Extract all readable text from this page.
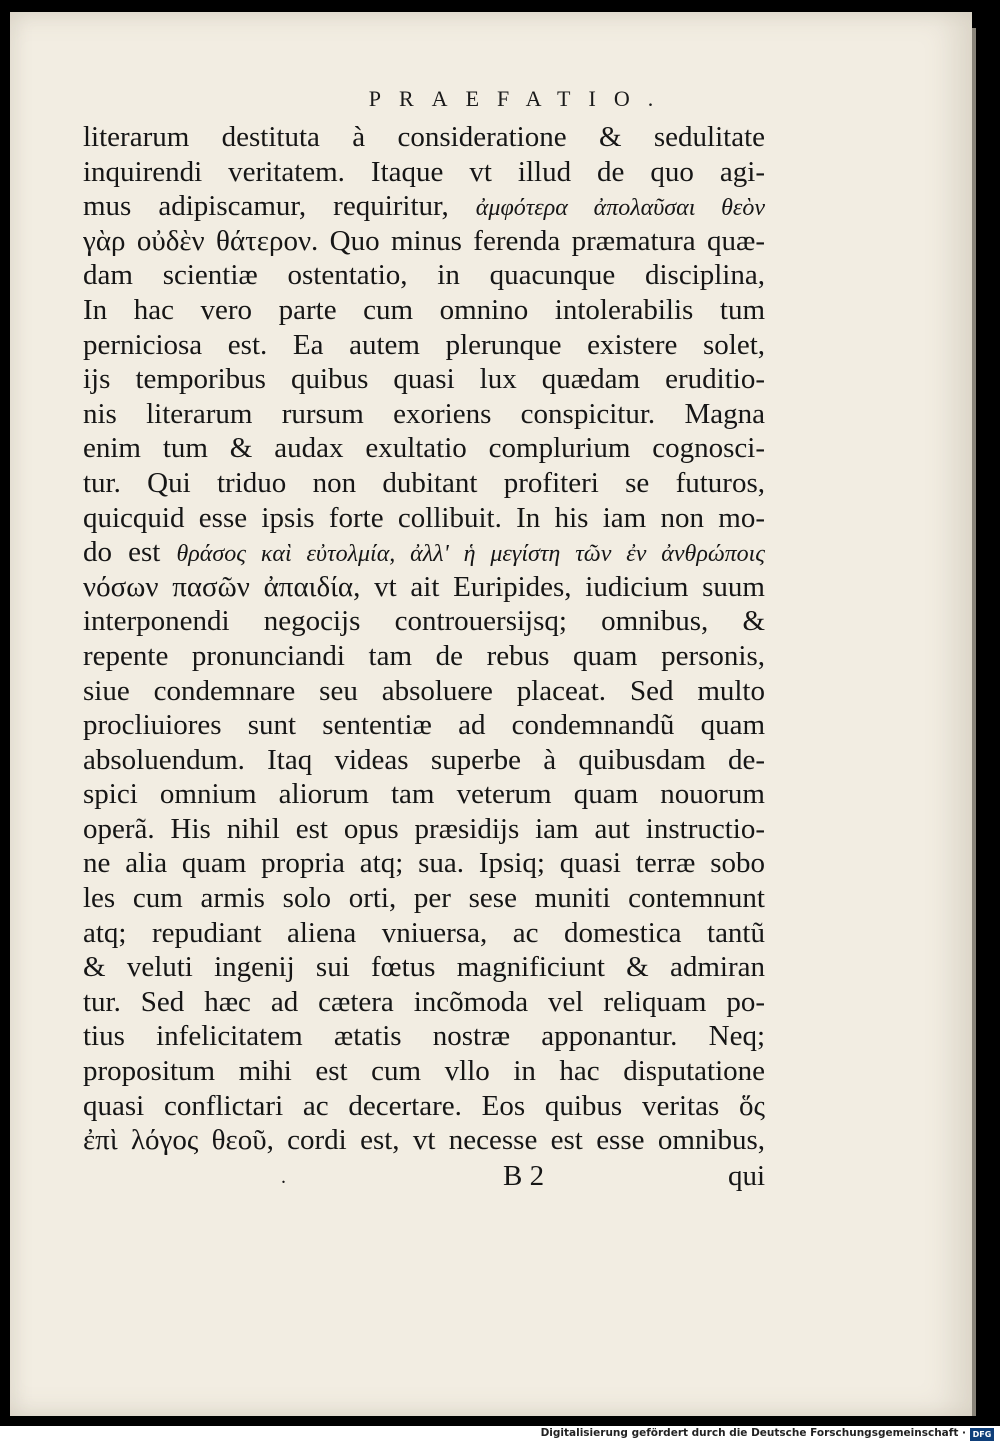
PRAEFATIO.
literarum destituta à consideratione & sedulitate
inquirendi veritatem. Itaque vt illud de quo agi-
mus adipiscamur, requiritur, ἀμφότερα ἀπολαῦσαι θεὸν
γὰρ οὐδὲν θάτερον. Quo minus ferenda præmatura quæ-
dam scientiæ ostentatio, in quacunque disciplina,
In hac vero parte cum omnino intolerabilis tum
perniciosa est. Ea autem plerunque existere solet,
ijs temporibus quibus quasi lux quædam eruditio-
nis literarum rursum exoriens conspicitur. Magna
enim tum & audax exultatio complurium cognosci-
tur. Qui triduo non dubitant profiteri se futuros,
quicquid esse ipsis forte collibuit. In his iam non mo-
do est θράσος καὶ εὐτολμία, ἀλλ' ἡ μεγίστη τῶν ἐν ἀνθρώποις
νόσων πασῶν ἀπαιδία, vt ait Euripides, iudicium suum
interponendi negocijs controuersijsq; omnibus, &
repente pronunciandi tam de rebus quam personis,
siue condemnare seu absoluere placeat. Sed multo
procliuiores sunt sententiæ ad condemnandũ quam
absoluendum. Itaq videas superbe à quibusdam de-
spici omnium aliorum tam veterum quam nouorum
operã. His nihil est opus præsidijs iam aut instructio-
ne alia quam propria atq; sua. Ipsiq; quasi terræ sobo
les cum armis solo orti, per sese muniti contemnunt
atq; repudiant aliena vniuersa, ac domestica tantũ
& veluti ingenij sui fœtus magnificiunt & admiran
tur. Sed hæc ad cætera incõmoda vel reliquam po-
tius infelicitatem ætatis nostræ apponantur. Neq;
propositum mihi est cum vllo in hac disputatione
quasi conflictari ac decertare. Eos quibus veritas ὅς
ἐπὶ λόγος θεοῦ, cordi est, vt necesse est esse omnibus,
.	B 2	qui
Digitalisierung gefördert durch die Deutsche Forschungsgemeinschaft · DFG
